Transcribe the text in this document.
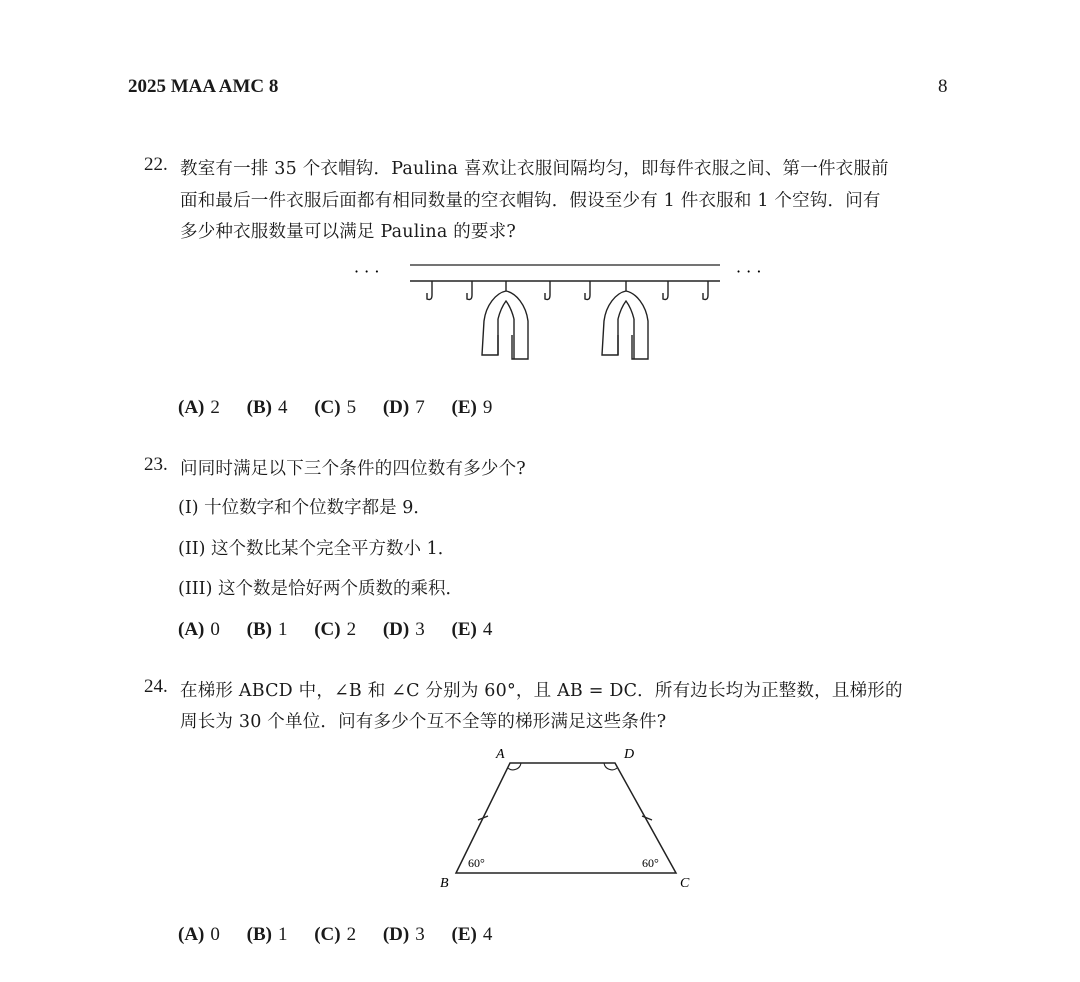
2025 MAA AMC 8	8
22. 教室有一排 35 个衣帽钩．Paulina 喜欢让衣服间隔均匀，即每件衣服之间、第一件衣服前
面和最后一件衣服后面都有相同数量的空衣帽钩．假设至少有 1 件衣服和 1 个空钩．问有
多少种衣服数量可以满足 Paulina 的要求?
· · ·	· · ·
(A) 2 (B) 4 (C) 5 (D) 7 (E) 9
23. 问同时满足以下三个条件的四位数有多少个?
(I) 十位数字和个位数字都是 9．
(II) 这个数比某个完全平方数小 1．
(III) 这个数是恰好两个质数的乘积．
(A) 0 (B) 1 (C) 2 (D) 3 (E) 4
24. 在梯形 ABCD 中，∠B 和 ∠C 分别为 60°，且 AB = DC．所有边长均为正整数，且梯形的
周长为 30 个单位．问有多少个互不全等的梯形满足这些条件?
A	D
B	C
60°	60°
(A) 0 (B) 1 (C) 2 (D) 3 (E) 4
